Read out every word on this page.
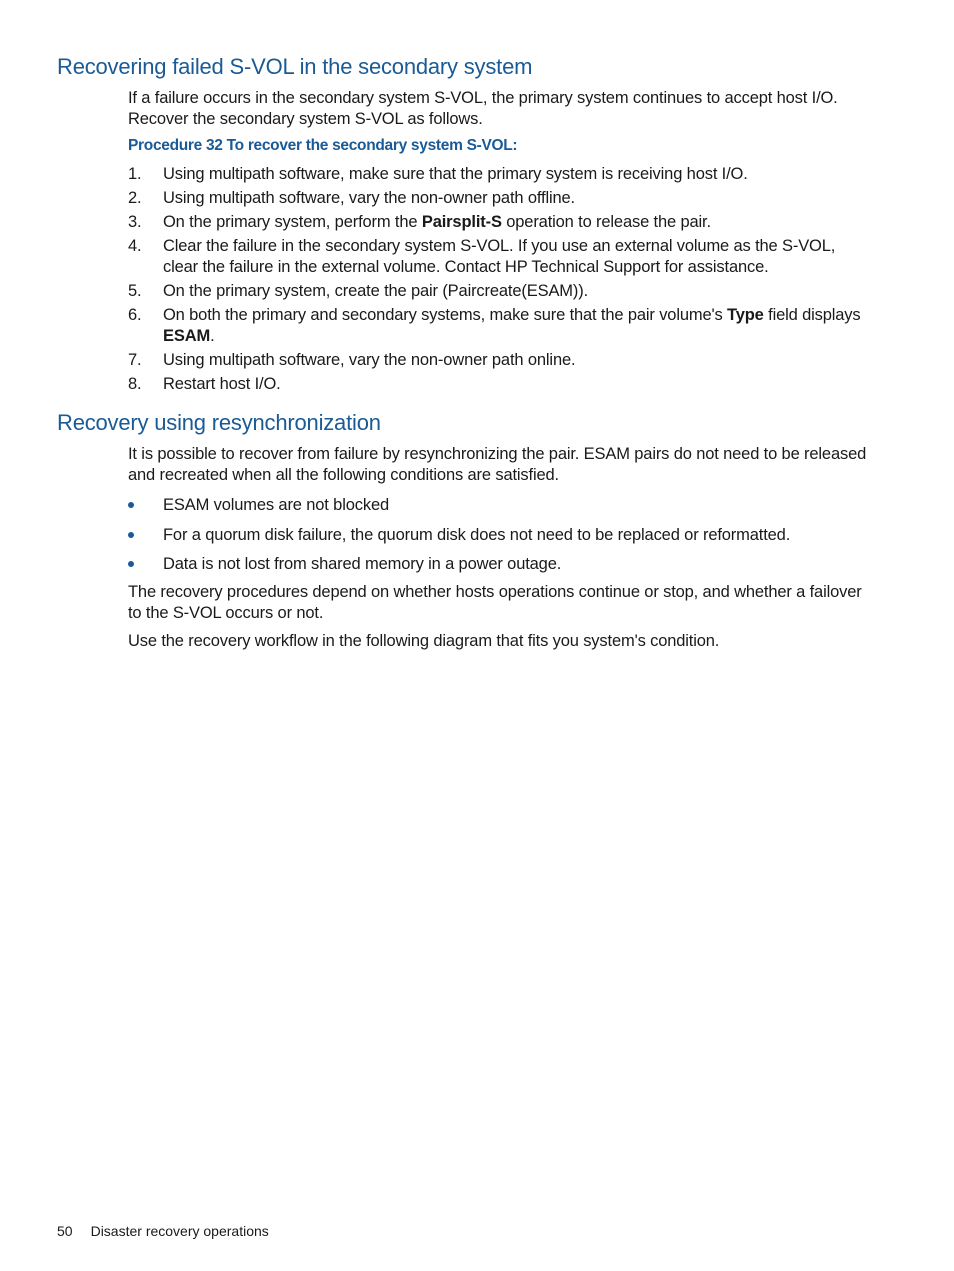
Recovering failed S-VOL in the secondary system

If a failure occurs in the secondary system S-VOL, the primary system continues to accept host I/O. Recover the secondary system S-VOL as follows.

Procedure 32 To recover the secondary system S-VOL:

1. Using multipath software, make sure that the primary system is receiving host I/O.
2. Using multipath software, vary the non-owner path offline.
3. On the primary system, perform the Pairsplit-S operation to release the pair.
4. Clear the failure in the secondary system S-VOL. If you use an external volume as the S-VOL, clear the failure in the external volume. Contact HP Technical Support for assistance.
5. On the primary system, create the pair (Paircreate(ESAM)).
6. On both the primary and secondary systems, make sure that the pair volume's Type field displays ESAM.
7. Using multipath software, vary the non-owner path online.
8. Restart host I/O.
Recovery using resynchronization

It is possible to recover from failure by resynchronizing the pair. ESAM pairs do not need to be released and recreated when all the following conditions are satisfied.

ESAM volumes are not blocked
For a quorum disk failure, the quorum disk does not need to be replaced or reformatted.
Data is not lost from shared memory in a power outage.

The recovery procedures depend on whether hosts operations continue or stop, and whether a failover to the S-VOL occurs or not.

Use the recovery workflow in the following diagram that fits you system's condition.

50 Disaster recovery operations
